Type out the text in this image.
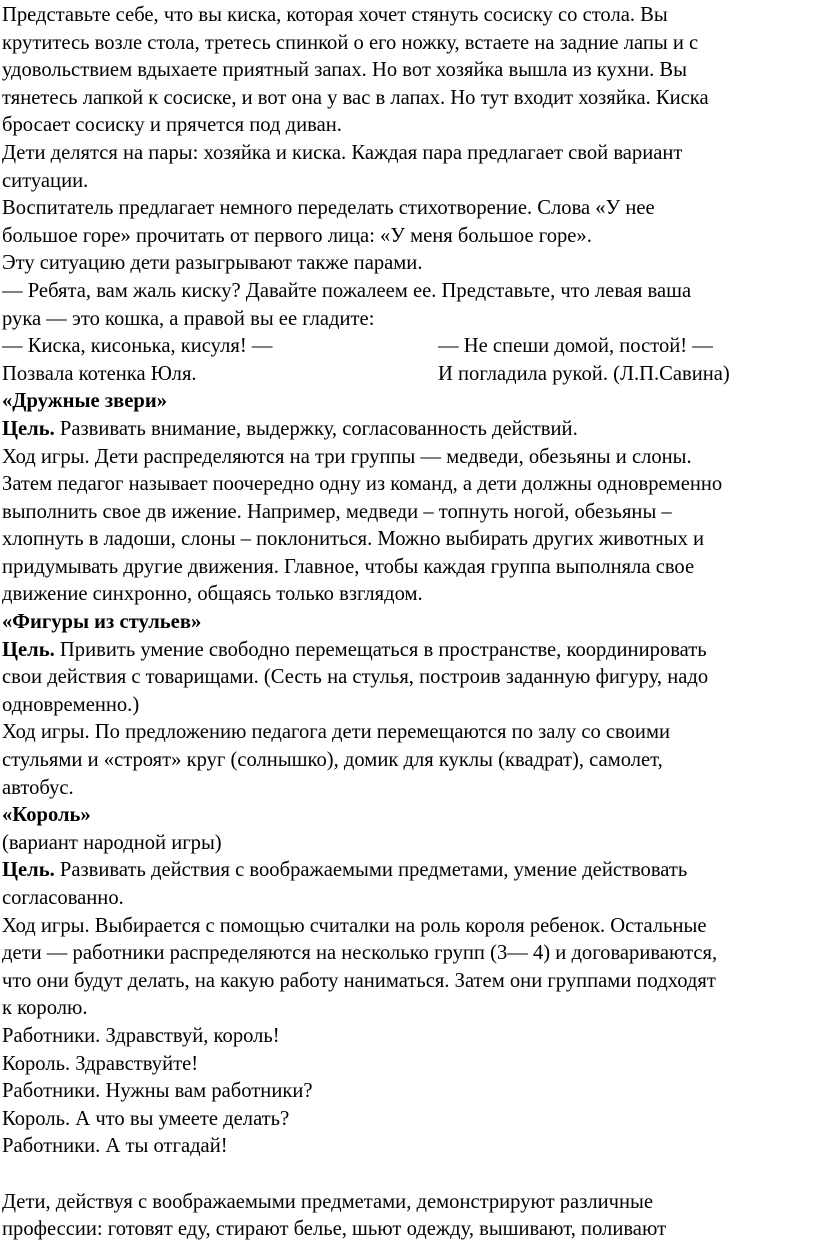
Представьте себе, что вы киска, которая хочет стянуть сосиску со стола. Вы
крутитесь возле стола, третесь спинкой о его ножку, встаете на задние лапы и с
удовольствием вдыхаете приятный запах. Но вот хозяйка вышла из кухни. Вы
тянетесь лапкой к сосиске, и вот она у вас в лапах. Но тут входит хозяйка. Киска
бросает сосиску и прячется под диван.
Дети делятся на пары: хозяйка и киска. Каждая пара предлагает свой вариант
ситуации.
Воспитатель предлагает немного переделать стихотворение. Слова «У нее
большое горе» прочитать от первого лица: «У меня большое горе».
Эту ситуацию дети разыгрывают также парами.
— Ребята, вам жаль киску? Давайте пожалеем ее. Представьте, что левая ваша
рука — это кошка, а правой вы ее гладите:
— Киска, кисонька, кисуля! —
Позвала котенка Юля.
— Не спеши домой, постой! —
И погладила рукой. (Л.П.Савина)
«Дружные звери»
Цель. Развивать внимание, выдержку, согласованность действий.
Ход игры. Дети распределяются на три группы — медведи, обезьяны и слоны.
Затем педагог называет поочередно одну из команд, а дети должны одновременно
выполнить свое дв ижение. Например, медведи – топнуть ногой, обезьяны –
хлопнуть в ладоши, слоны – поклониться. Можно выбирать других животных и
придумывать другие движения. Главное, чтобы каждая группа выполняла свое
движение синхронно, общаясь только взглядом.
«Фигуры из стульев»
Цель. Привить умение свободно перемещаться в пространстве, координировать
свои действия с товарищами. (Сесть на стулья, построив заданную фигуру, надо
одновременно.)
Ход игры. По предложению педагога дети перемещаются по залу со своими
стульями и «строят» круг (солнышко), домик для куклы (квадрат), самолет,
автобус.
«Король»
(вариант народной игры)
Цель. Развивать действия с воображаемыми предметами, умение действовать
согласованно.
Ход игры. Выбирается с помощью считалки на роль короля ребенок. Остальные
дети — работники распределяются на несколько групп (3— 4) и договариваются,
что они будут делать, на какую работу наниматься. Затем они группами подходят
к королю.
Работники. Здравствуй, король!
Король. Здравствуйте!
Работники. Нужны вам работники?
Король. А что вы умеете делать?
Работники. А ты отгадай!
Дети, действуя с воображаемыми предметами, демонстрируют различные
профессии: готовят еду, стирают белье, шьют одежду, вышивают, поливают
